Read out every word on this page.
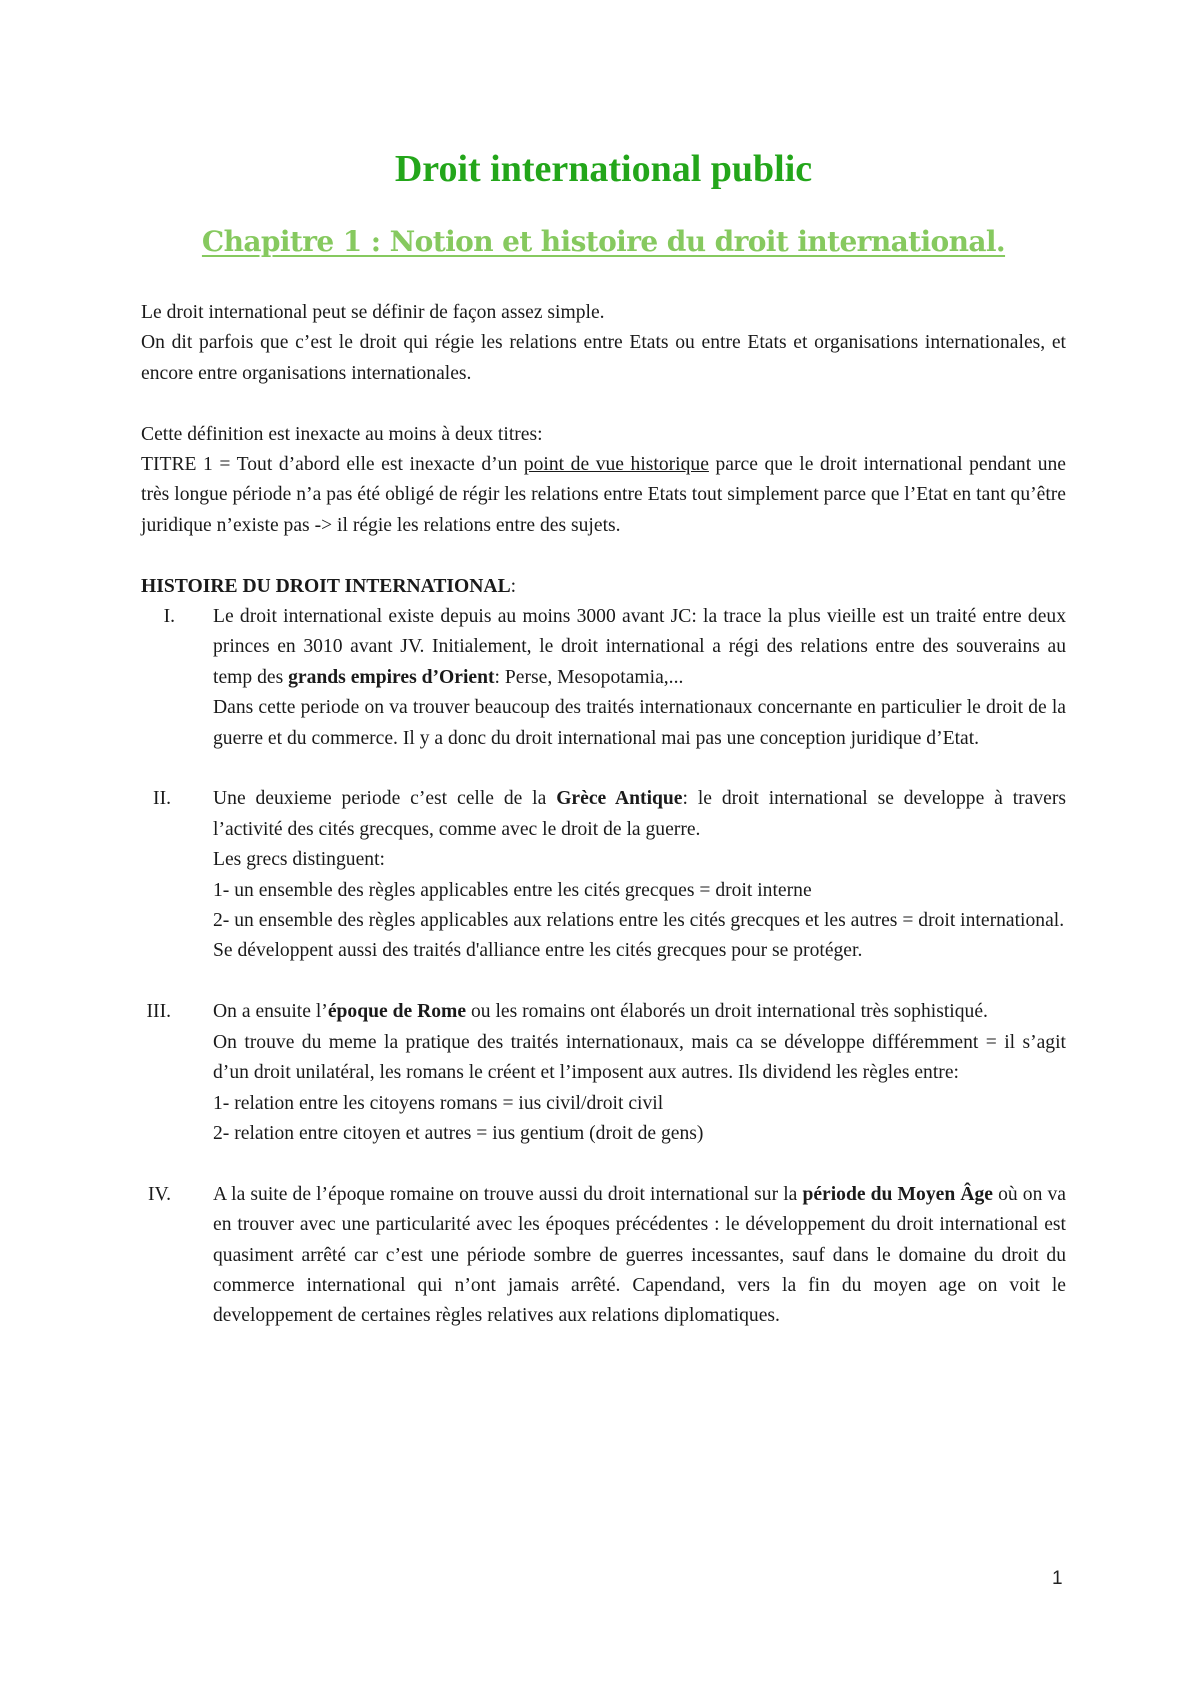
Droit international public
Chapitre 1 : Notion et histoire du droit international.

Le droit international peut se définir de façon assez simple.

On dit parfois que c’est le droit qui régie les relations entre Etats ou entre Etats et organisations internationales, et encore entre organisations internationales.

Cette définition est inexacte au moins à deux titres:

TITRE 1 = Tout d’abord elle est inexacte d’un point de vue historique parce que le droit international pendant une très longue période n’a pas été obligé de régir les relations entre Etats tout simplement parce que l’Etat en tant qu’être juridique n’existe pas -> il régie les relations entre des sujets.

HISTOIRE DU DROIT INTERNATIONAL:

I.	Le droit international existe depuis au moins 3000 avant JC: la trace la plus vieille est un traité entre deux princes en 3010 avant JV. Initialement, le droit international a régi des relations entre des souverains au temp des grands empires d’Orient: Perse, Mesopotamia,...

Dans cette periode on va trouver beaucoup des traités internationaux concernante en particulier le droit de la guerre et du commerce. Il y a donc du droit international mai pas une conception juridique d’Etat.

II.	Une deuxieme periode c’est celle de la Grèce Antique: le droit international se developpe à travers l’activité des cités grecques, comme avec le droit de la guerre.

Les grecs distinguent:

1- un ensemble des règles applicables entre les cités grecques = droit interne

2- un ensemble des règles applicables aux relations entre les cités grecques et les autres = droit international.

Se développent aussi des traités d'alliance entre les cités grecques pour se protéger.

III.	On a ensuite l’époque de Rome ou les romains ont élaborés un droit international très sophistiqué.

On trouve du meme la pratique des traités internationaux, mais ca se développe différemment = il s’agit d’un droit unilatéral, les romans le créent et l’imposent aux autres. Ils dividend les règles entre:

1- relation entre les citoyens romans = ius civil/droit civil

2- relation entre citoyen et autres = ius gentium (droit de gens)

IV.	A la suite de l’époque romaine on trouve aussi du droit international sur la période du Moyen Âge où on va en trouver avec une particularité avec les époques précédentes : le développement du droit international est quasiment arrêté car c’est une période sombre de guerres incessantes, sauf dans le domaine du droit du commerce international qui n’ont jamais arrêté. Capendand, vers la fin du moyen age on voit le developpement de certaines règles relatives aux relations diplomatiques.

1
